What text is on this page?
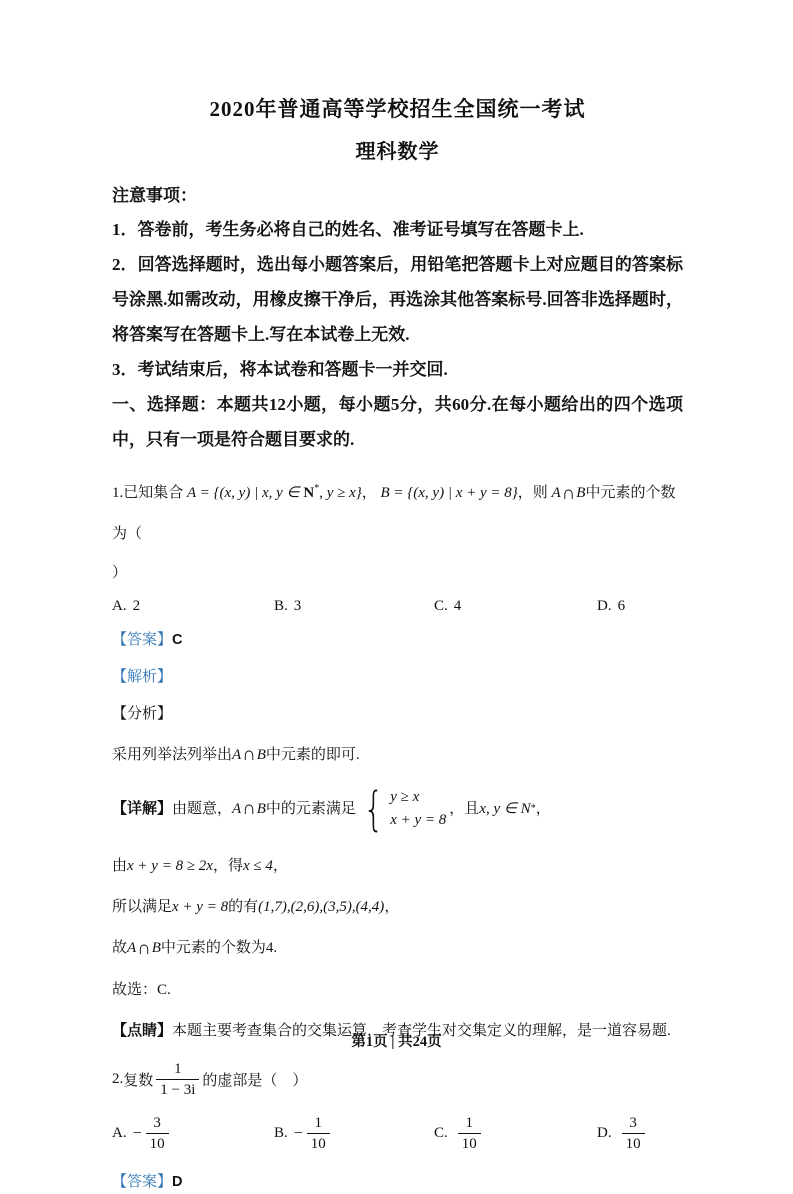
2020年普通高等学校招生全国统一考试
理科数学
注意事项：
1．答卷前，考生务必将自己的姓名、准考证号填写在答题卡上.
2．回答选择题时，选出每小题答案后，用铅笔把答题卡上对应题目的答案标号涂黑.如需改动，用橡皮擦干净后，再选涂其他答案标号.回答非选择题时，将答案写在答题卡上.写在本试卷上无效.
3．考试结束后，将本试卷和答题卡一并交回.
一、选择题：本题共12小题，每小题5分，共60分.在每小题给出的四个选项中，只有一项是符合题目要求的.
1.已知集合 A = {(x, y) | x, y ∈ N*, y ≥ x}， B = {(x, y) | x + y = 8}，则 A∩B中元素的个数为（
）
A. 2	B. 3	C. 4	D. 6
【答案】C
【解析】
【分析】
采用列举法列举出A∩B中元素的即可.
【详解】 由题意， A ∩ B 中的元素满足 { y ≥ x
x + y = 8
，且 x, y ∈ N * ，
由x + y = 8 ≥ 2x，得x ≤ 4，
所以满足x + y = 8的有(1,7),(2,6),(3,5),(4,4)，
故A∩B中元素的个数为4.
故选：C.
【点睛】本题主要考查集合的交集运算，考查学生对交集定义的理解，是一道容易题.
2. 复数 $\frac{1}{1 - 3i}$ 的虚部是（　）
A. − $\frac{3}{10}$	B. − $\frac{1}{10}$	C. $\frac{1}{10}$	D. $\frac{3}{10}$
【答案】D
第1页 | 共24页
